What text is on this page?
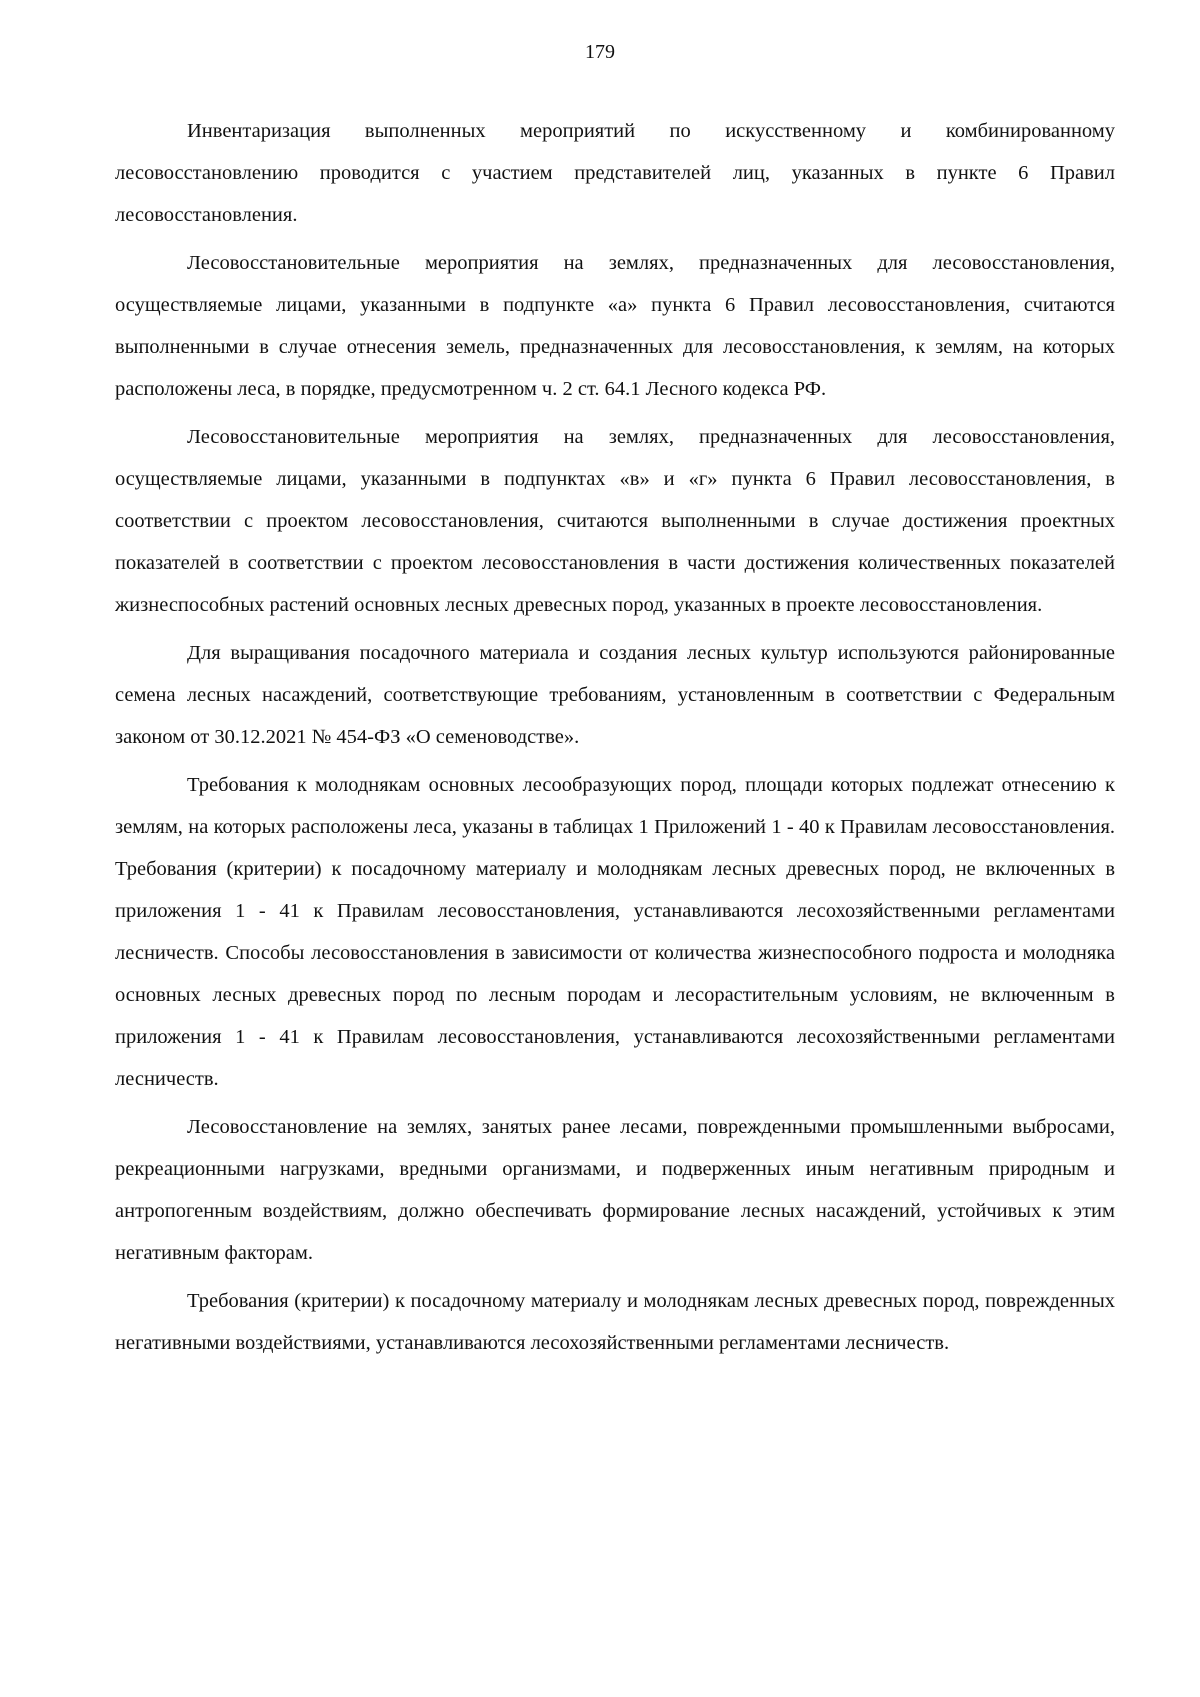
179

Инвентаризация выполненных мероприятий по искусственному и комбинированному лесовосстановлению проводится с участием представителей лиц, указанных в пункте 6 Правил лесовосстановления.

Лесовосстановительные мероприятия на землях, предназначенных для лесовосстановления, осуществляемые лицами, указанными в подпункте «а» пункта 6 Правил лесовосстановления, считаются выполненными в случае отнесения земель, предназначенных для лесовосстановления, к землям, на которых расположены леса, в порядке, предусмотренном ч. 2 ст. 64.1 Лесного кодекса РФ.

Лесовосстановительные мероприятия на землях, предназначенных для лесовосстановления, осуществляемые лицами, указанными в подпунктах «в» и «г» пункта 6 Правил лесовосстановления, в соответствии с проектом лесовосстановления, считаются выполненными в случае достижения проектных показателей в соответствии с проектом лесовосстановления в части достижения количественных показателей жизнеспособных растений основных лесных древесных пород, указанных в проекте лесовосстановления.

Для выращивания посадочного материала и создания лесных культур используются районированные семена лесных насаждений, соответствующие требованиям, установленным в соответствии с Федеральным законом от 30.12.2021 № 454-ФЗ «О семеноводстве».

Требования к молоднякам основных лесообразующих пород, площади которых подлежат отнесению к землям, на которых расположены леса, указаны в таблицах 1 Приложений 1 - 40 к Правилам лесовосстановления. Требования (критерии) к посадочному материалу и молоднякам лесных древесных пород, не включенных в приложения 1 - 41 к Правилам лесовосстановления, устанавливаются лесохозяйственными регламентами лесничеств. Способы лесовосстановления в зависимости от количества жизнеспособного подроста и молодняка основных лесных древесных пород по лесным породам и лесорастительным условиям, не включенным в приложения 1 - 41 к Правилам лесовосстановления, устанавливаются лесохозяйственными регламентами лесничеств.

Лесовосстановление на землях, занятых ранее лесами, поврежденными промышленными выбросами, рекреационными нагрузками, вредными организмами, и подверженных иным негативным природным и антропогенным воздействиям, должно обеспечивать формирование лесных насаждений, устойчивых к этим негативным факторам.

Требования (критерии) к посадочному материалу и молоднякам лесных древесных пород, поврежденных негативными воздействиями, устанавливаются лесохозяйственными регламентами лесничеств.
